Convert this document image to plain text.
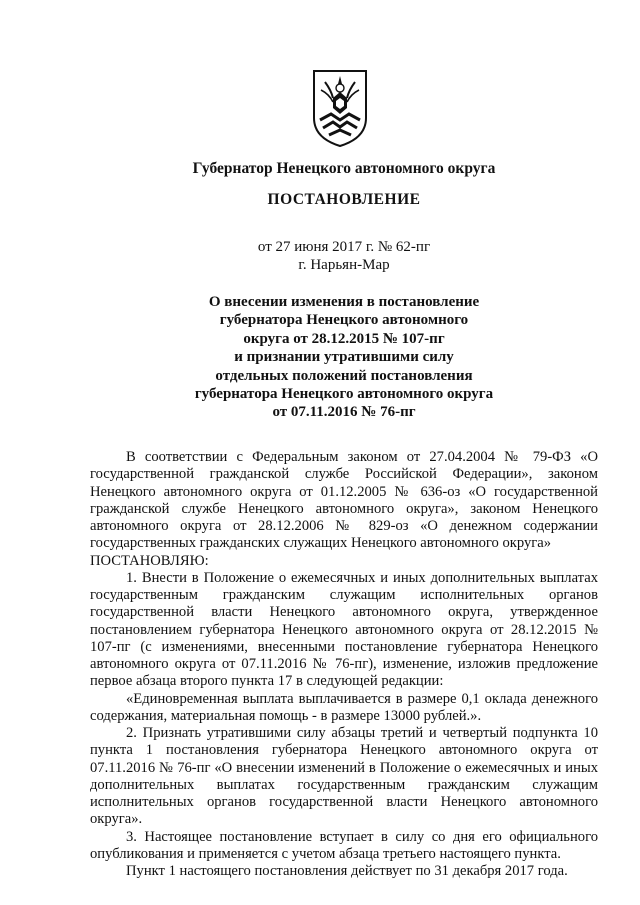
Губернатор Ненецкого автономного округа
ПОСТАНОВЛЕНИЕ
от 27 июня 2017 г. № 62-пг
г. Нарьян-Мар
О внесении изменения в постановление
губернатора Ненецкого автономного
округа от 28.12.2015 № 107-пг
и признании утратившими силу
отдельных положений постановления
губернатора Ненецкого автономного округа
от 07.11.2016 № 76-пг

В соответствии с Федеральным законом от 27.04.2004 № 79-ФЗ «О государственной гражданской службе Российской Федерации», законом Ненецкого автономного округа от 01.12.2005 № 636-оз «О государственной гражданской службе Ненецкого автономного округа», законом Ненецкого автономного округа от 28.12.2006 № 829-оз «О денежном содержании государственных гражданских служащих Ненецкого автономного округа»

ПОСТАНОВЛЯЮ:

1. Внести в Положение о ежемесячных и иных дополнительных выплатах государственным гражданским служащим исполнительных органов государственной власти Ненецкого автономного округа, утвержденное постановлением губернатора Ненецкого автономного округа от 28.12.2015 № 107-пг (с изменениями, внесенными постановление губернатора Ненецкого автономного округа от 07.11.2016 № 76-пг), изменение, изложив предложение первое абзаца второго пункта 17 в следующей редакции:

«Единовременная выплата выплачивается в размере 0,1 оклада денежного содержания, материальная помощь - в размере 13000 рублей.».

2. Признать утратившими силу абзацы третий и четвертый подпункта 10 пункта 1 постановления губернатора Ненецкого автономного округа от 07.11.2016 № 76-пг «О внесении изменений в Положение о ежемесячных и иных дополнительных выплатах государственным гражданским служащим исполнительных органов государственной власти Ненецкого автономного округа».

3. Настоящее постановление вступает в силу со дня его официального опубликования и применяется с учетом абзаца третьего настоящего пункта.

Пункт 1 настоящего постановления действует по 31 декабря 2017 года.
